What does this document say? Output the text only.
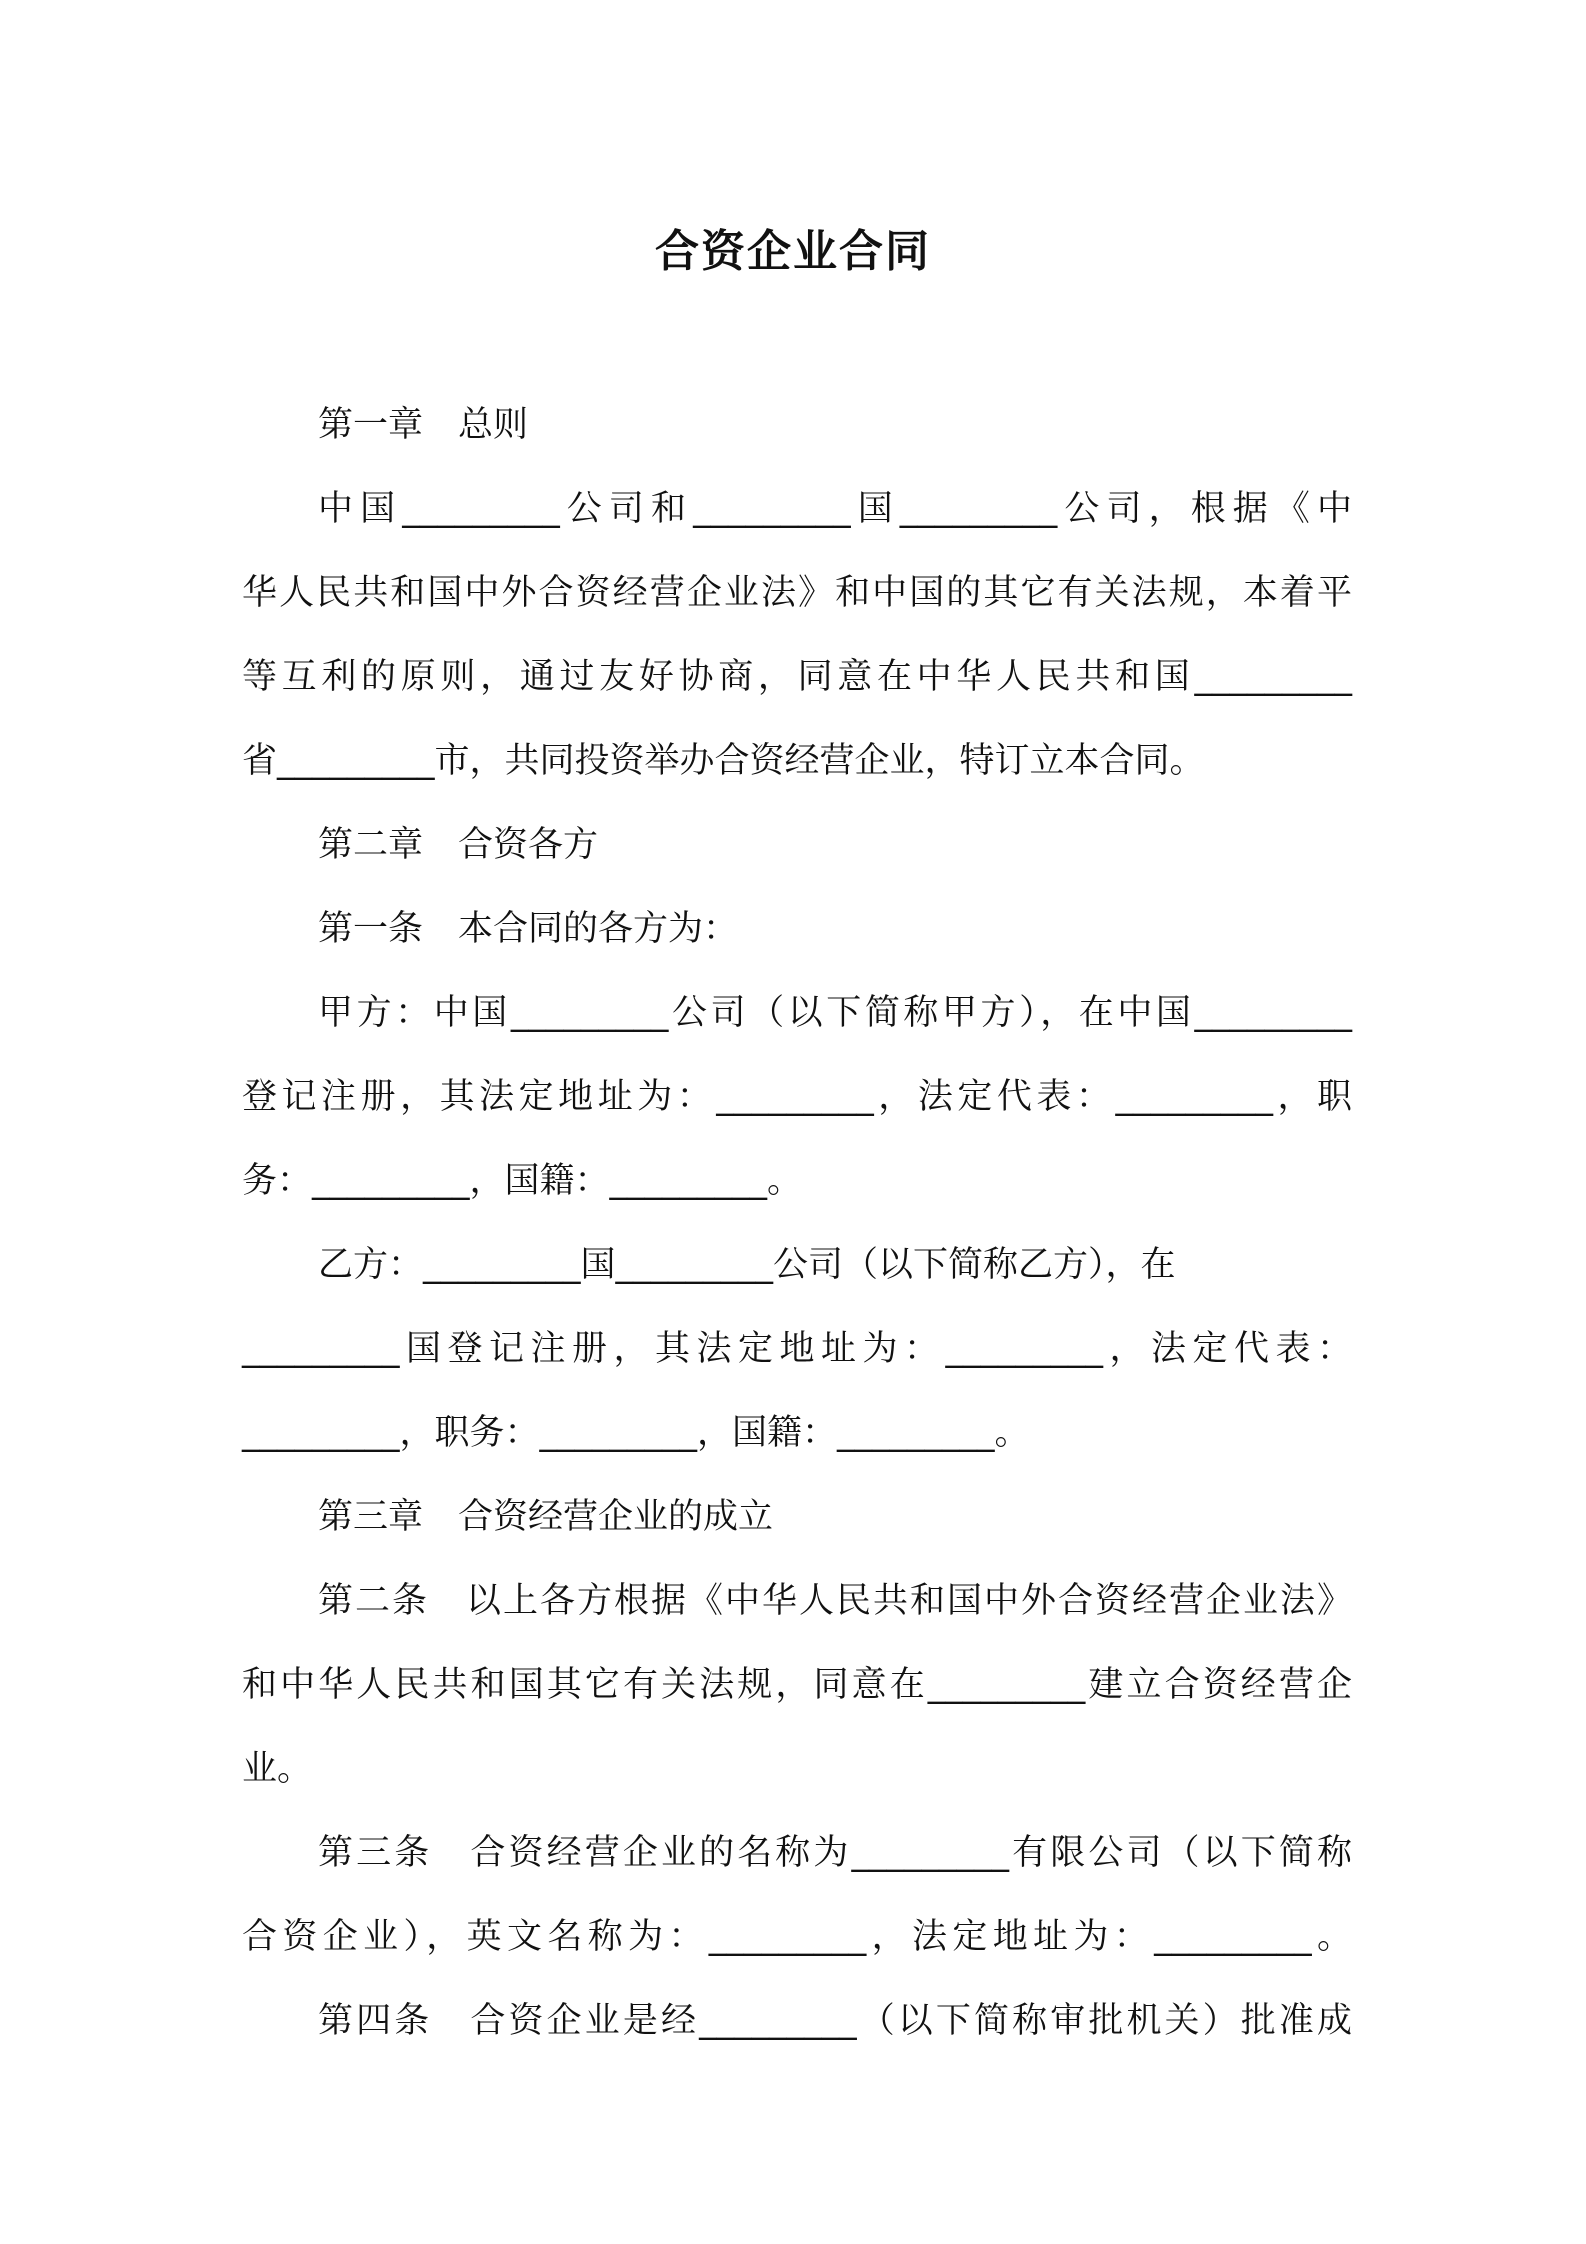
合资企业合同
第一章　总则
中国_________公司和_________国_________公司，根据《中
华人民共和国中外合资经营企业法》和中国的其它有关法规，本着平
等互利的原则，通过友好协商，同意在中华人民共和国_________
省_________市，共同投资举办合资经营企业，特订立本合同。
第二章　合资各方
第一条　本合同的各方为：
甲方：中国_________公司（以下简称甲方），在中国_________
登记注册，其法定地址为：_________，法定代表：_________，职
务：_________，国籍：_________。
乙方：_________国_________公司（以下简称乙方），在
_________国登记注册，其法定地址为：_________，法定代表：
_________，职务：_________，国籍：_________。
第三章　合资经营企业的成立
第二条　以上各方根据《中华人民共和国中外合资经营企业法》
和中华人民共和国其它有关法规，同意在_________建立合资经营企
业。
第三条　合资经营企业的名称为_________有限公司（以下简称
合资企业），英文名称为：_________，法定地址为：_________。
第四条　合资企业是经_________（以下简称审批机关）批准成
